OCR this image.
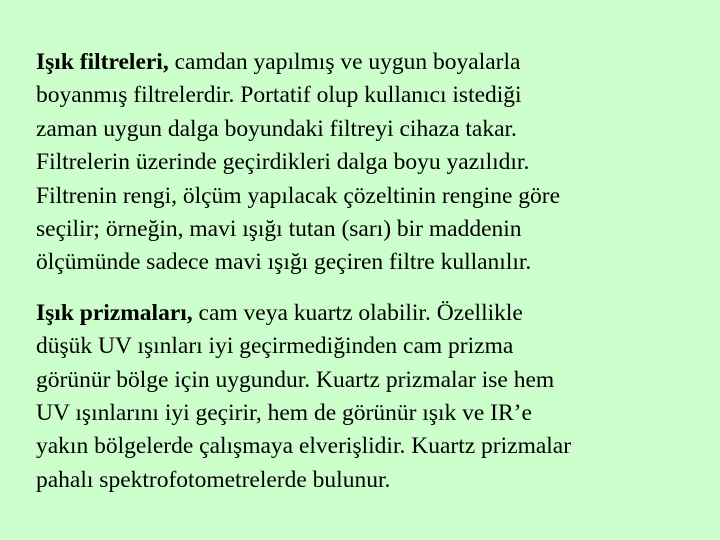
Işık filtreleri, camdan yapılmış ve uygun boyalarla
boyanmış filtrelerdir. Portatif olup kullanıcı istediği
zaman uygun dalga boyundaki filtreyi cihaza takar.
Filtrelerin üzerinde geçirdikleri dalga boyu yazılıdır.
Filtrenin rengi, ölçüm yapılacak çözeltinin rengine göre
seçilir; örneğin, mavi ışığı tutan (sarı) bir maddenin
ölçümünde sadece mavi ışığı geçiren filtre kullanılır.

Işık prizmaları, cam veya kuartz olabilir. Özellikle
düşük UV ışınları iyi geçirmediğinden cam prizma
görünür bölge için uygundur. Kuartz prizmalar ise hem
UV ışınlarını iyi geçirir, hem de görünür ışık ve IR’e
yakın bölgelerde çalışmaya elverişlidir. Kuartz prizmalar
pahalı spektrofotometrelerde bulunur.
